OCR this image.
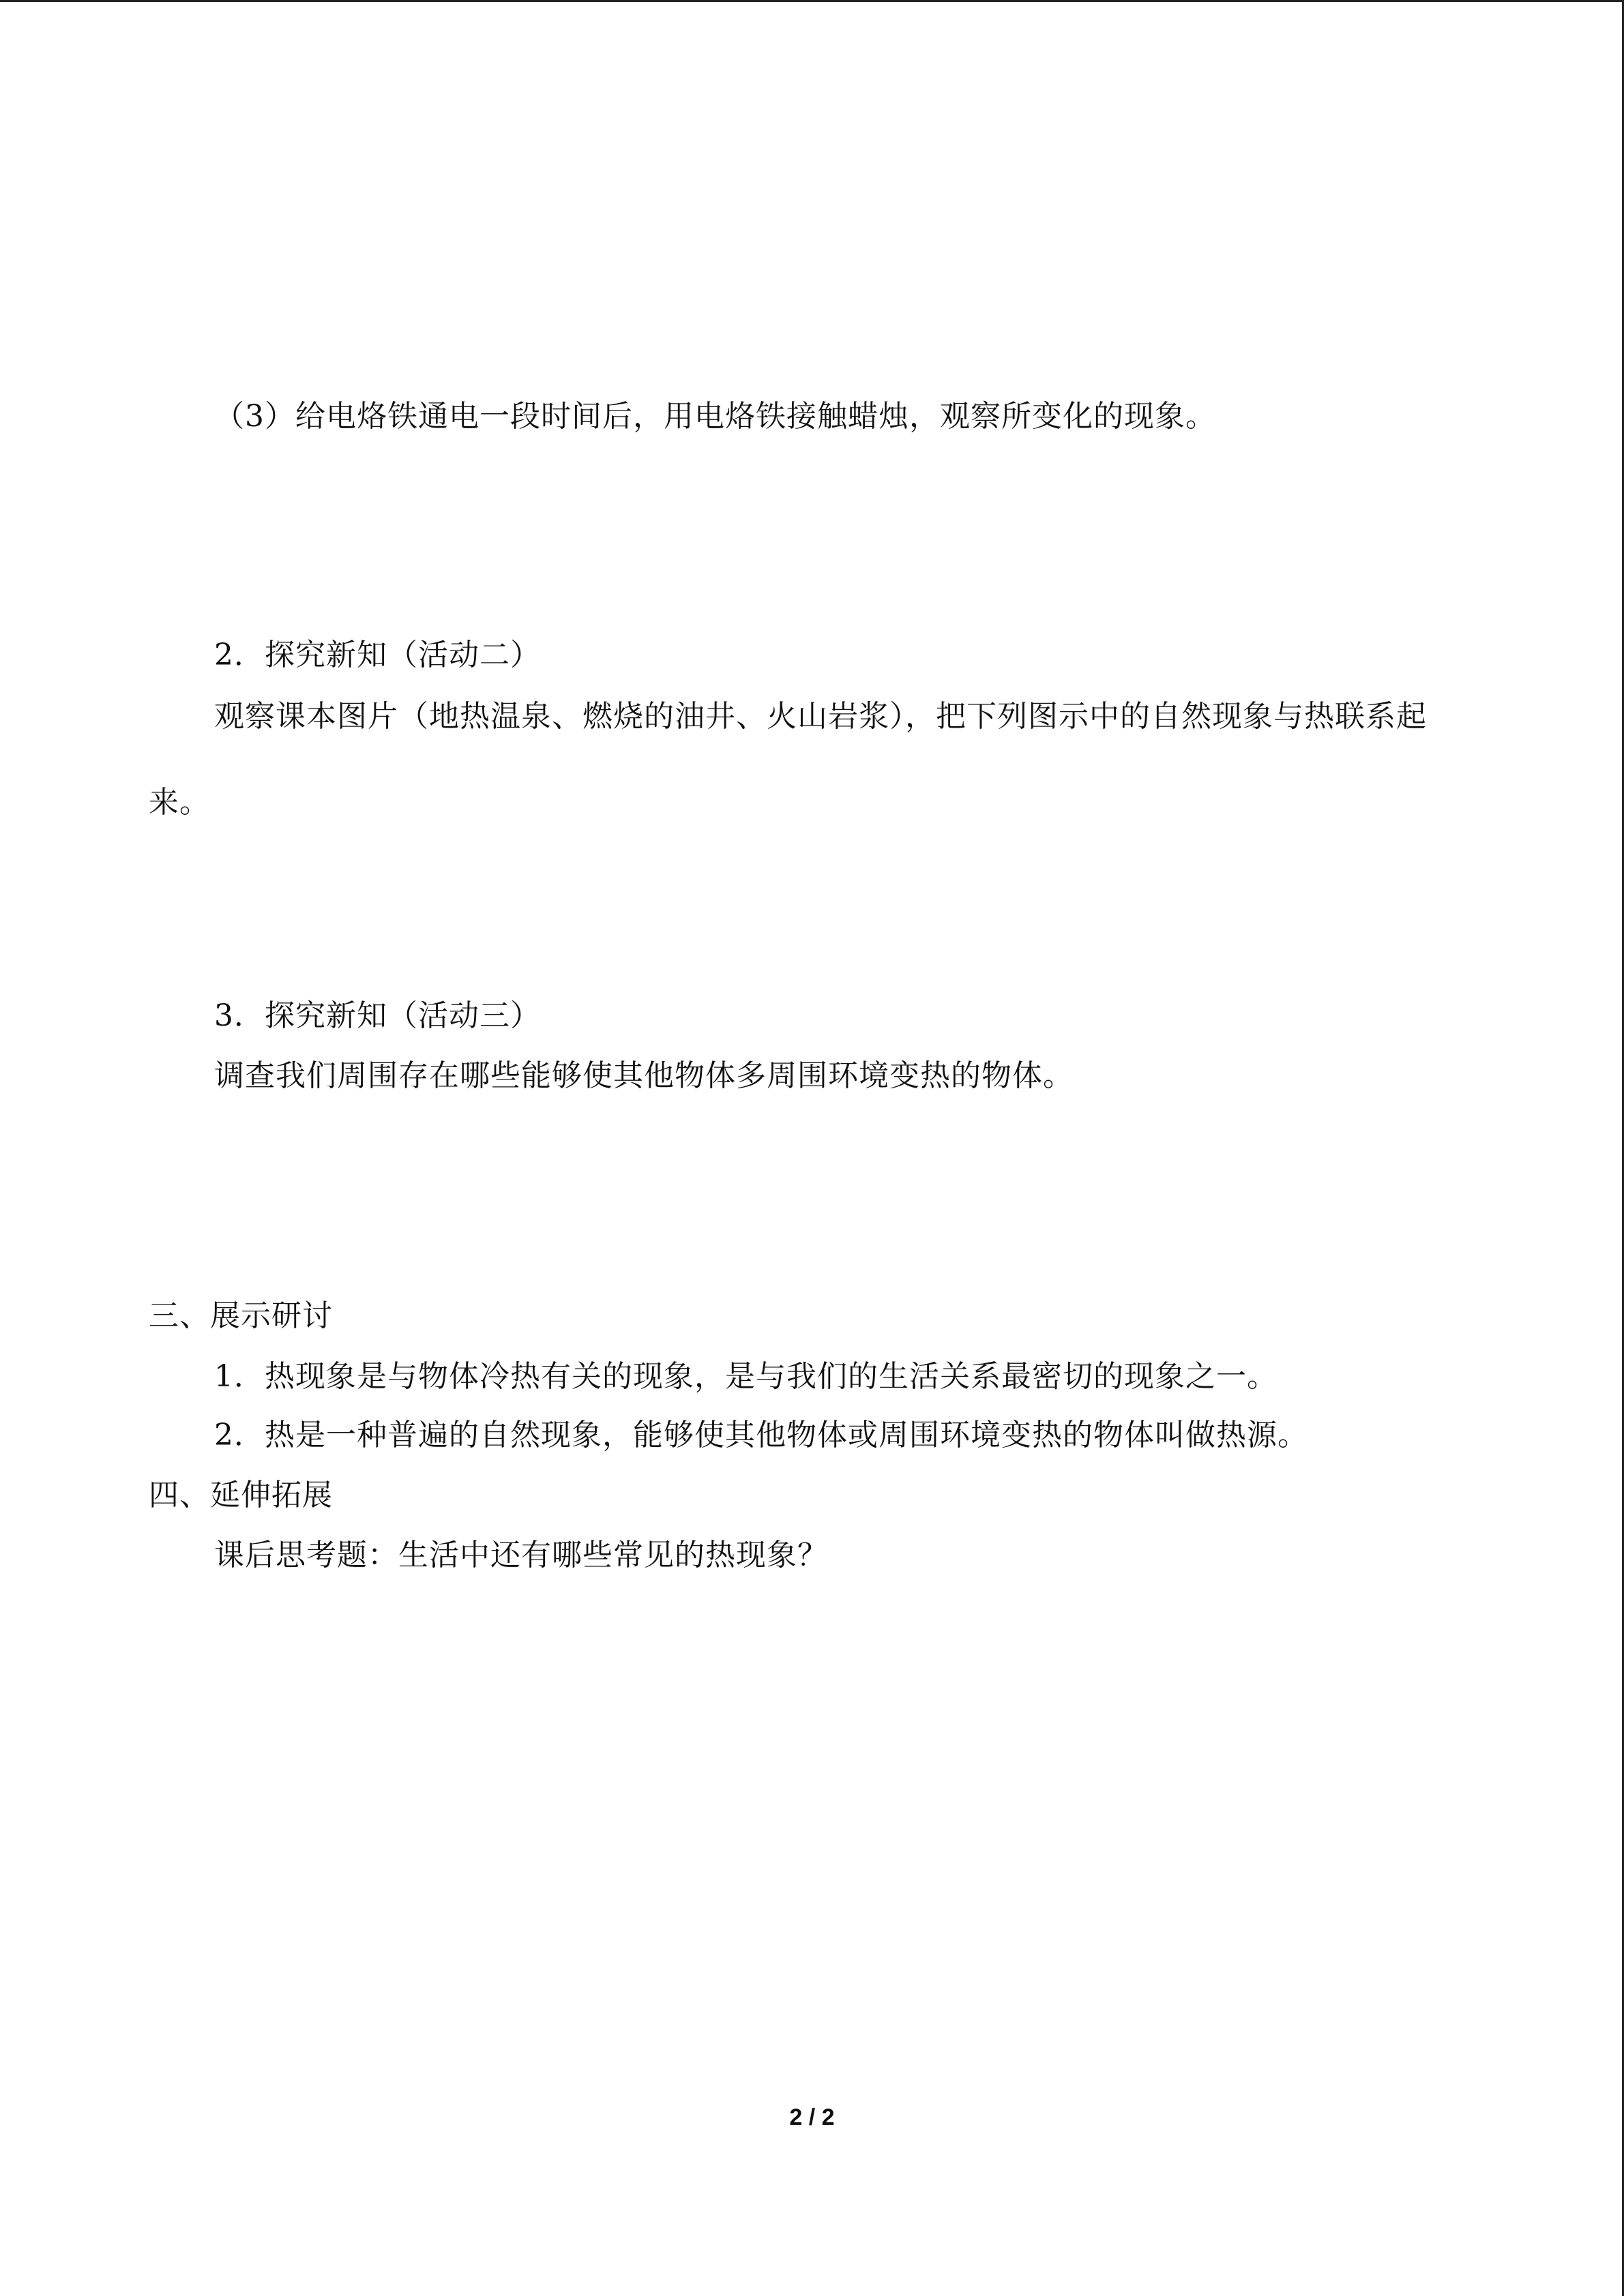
（3）给电烙铁通电一段时间后，用电烙铁接触蜡烛，观察所变化的现象。
2．探究新知（活动二）
观察课本图片（地热温泉、燃烧的油井、火山岩浆），把下列图示中的自然现象与热联系起来。
3．探究新知（活动三）
调查我们周围存在哪些能够使其他物体多周围环境变热的物体。
三、展示研讨
1．热现象是与物体冷热有关的现象，是与我们的生活关系最密切的现象之一。
2．热是一种普遍的自然现象，能够使其他物体或周围环境变热的物体叫做热源。
四、延伸拓展
课后思考题：生活中还有哪些常见的热现象？
2 / 2
